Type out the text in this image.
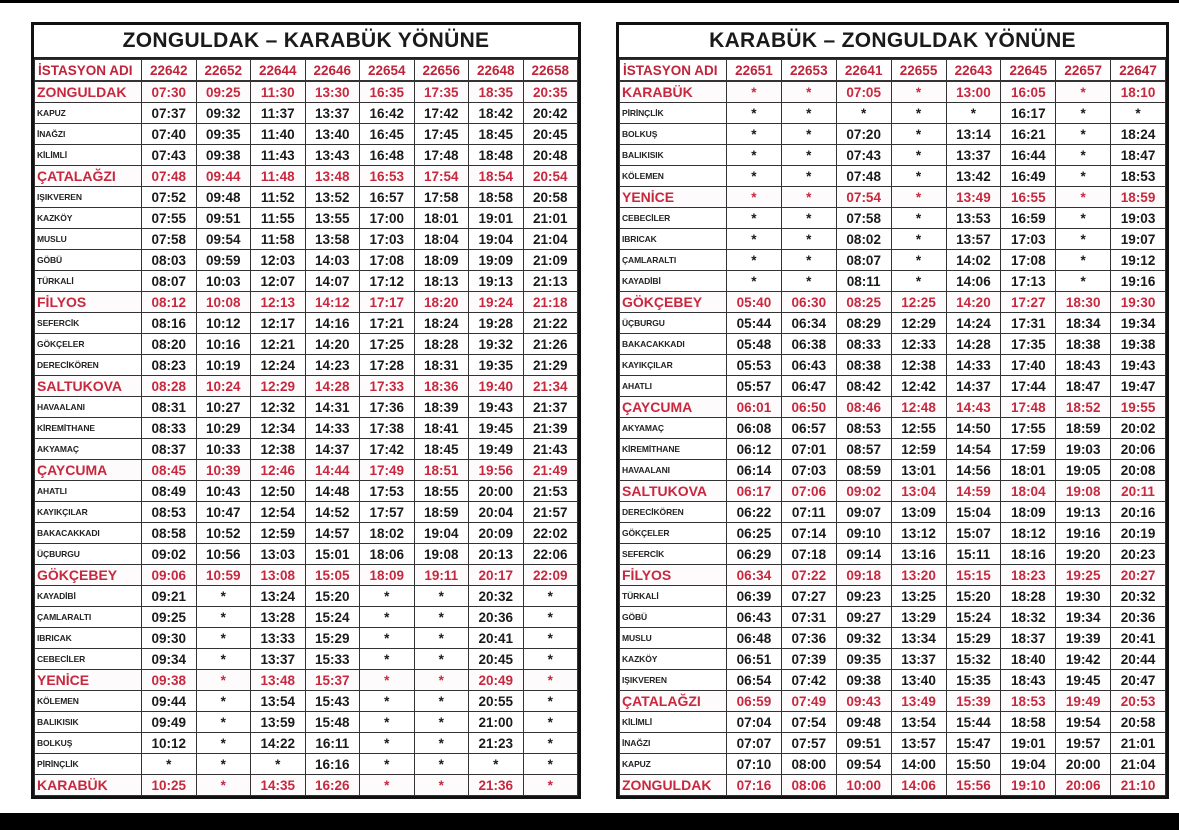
ZONGULDAK – KARABÜK YÖNÜNE
İSTASYON ADI	22642	22652	22644	22646	22654	22656	22648	22658
ZONGULDAK	07:30	09:25	11:30	13:30	16:35	17:35	18:35	20:35
KAPUZ	07:37	09:32	11:37	13:37	16:42	17:42	18:42	20:42
İNAĞZI	07:40	09:35	11:40	13:40	16:45	17:45	18:45	20:45
KİLİMLİ	07:43	09:38	11:43	13:43	16:48	17:48	18:48	20:48
ÇATALAĞZI	07:48	09:44	11:48	13:48	16:53	17:54	18:54	20:54
IŞIKVEREN	07:52	09:48	11:52	13:52	16:57	17:58	18:58	20:58
KAZKÖY	07:55	09:51	11:55	13:55	17:00	18:01	19:01	21:01
MUSLU	07:58	09:54	11:58	13:58	17:03	18:04	19:04	21:04
GÖBÜ	08:03	09:59	12:03	14:03	17:08	18:09	19:09	21:09
TÜRKALİ	08:07	10:03	12:07	14:07	17:12	18:13	19:13	21:13
FİLYOS	08:12	10:08	12:13	14:12	17:17	18:20	19:24	21:18
SEFERCİK	08:16	10:12	12:17	14:16	17:21	18:24	19:28	21:22
GÖKÇELER	08:20	10:16	12:21	14:20	17:25	18:28	19:32	21:26
DERECİKÖREN	08:23	10:19	12:24	14:23	17:28	18:31	19:35	21:29
SALTUKOVA	08:28	10:24	12:29	14:28	17:33	18:36	19:40	21:34
HAVAALANI	08:31	10:27	12:32	14:31	17:36	18:39	19:43	21:37
KİREMİTHANE	08:33	10:29	12:34	14:33	17:38	18:41	19:45	21:39
AKYAMAÇ	08:37	10:33	12:38	14:37	17:42	18:45	19:49	21:43
ÇAYCUMA	08:45	10:39	12:46	14:44	17:49	18:51	19:56	21:49
AHATLI	08:49	10:43	12:50	14:48	17:53	18:55	20:00	21:53
KAYIKÇILAR	08:53	10:47	12:54	14:52	17:57	18:59	20:04	21:57
BAKACAKKADI	08:58	10:52	12:59	14:57	18:02	19:04	20:09	22:02
ÜÇBURGU	09:02	10:56	13:03	15:01	18:06	19:08	20:13	22:06
GÖKÇEBEY	09:06	10:59	13:08	15:05	18:09	19:11	20:17	22:09
KAYADİBİ	09:21	*	13:24	15:20	*	*	20:32	*
ÇAMLARALTI	09:25	*	13:28	15:24	*	*	20:36	*
IBRICAK	09:30	*	13:33	15:29	*	*	20:41	*
CEBECİLER	09:34	*	13:37	15:33	*	*	20:45	*
YENİCE	09:38	*	13:48	15:37	*	*	20:49	*
KÖLEMEN	09:44	*	13:54	15:43	*	*	20:55	*
BALIKISIK	09:49	*	13:59	15:48	*	*	21:00	*
BOLKUŞ	10:12	*	14:22	16:11	*	*	21:23	*
PİRİNÇLİK	*	*	*	16:16	*	*	*	*
KARABÜK	10:25	*	14:35	16:26	*	*	21:36	*
KARABÜK – ZONGULDAK YÖNÜNE
İSTASYON ADI	22651	22653	22641	22655	22643	22645	22657	22647
KARABÜK	*	*	07:05	*	13:00	16:05	*	18:10
PİRİNÇLİK	*	*	*	*	*	16:17	*	*
BOLKUŞ	*	*	07:20	*	13:14	16:21	*	18:24
BALIKISIK	*	*	07:43	*	13:37	16:44	*	18:47
KÖLEMEN	*	*	07:48	*	13:42	16:49	*	18:53
YENİCE	*	*	07:54	*	13:49	16:55	*	18:59
CEBECİLER	*	*	07:58	*	13:53	16:59	*	19:03
IBRICAK	*	*	08:02	*	13:57	17:03	*	19:07
ÇAMLARALTI	*	*	08:07	*	14:02	17:08	*	19:12
KAYADİBİ	*	*	08:11	*	14:06	17:13	*	19:16
GÖKÇEBEY	05:40	06:30	08:25	12:25	14:20	17:27	18:30	19:30
ÜÇBURGU	05:44	06:34	08:29	12:29	14:24	17:31	18:34	19:34
BAKACAKKADI	05:48	06:38	08:33	12:33	14:28	17:35	18:38	19:38
KAYIKÇILAR	05:53	06:43	08:38	12:38	14:33	17:40	18:43	19:43
AHATLI	05:57	06:47	08:42	12:42	14:37	17:44	18:47	19:47
ÇAYCUMA	06:01	06:50	08:46	12:48	14:43	17:48	18:52	19:55
AKYAMAÇ	06:08	06:57	08:53	12:55	14:50	17:55	18:59	20:02
KİREMİTHANE	06:12	07:01	08:57	12:59	14:54	17:59	19:03	20:06
HAVAALANI	06:14	07:03	08:59	13:01	14:56	18:01	19:05	20:08
SALTUKOVA	06:17	07:06	09:02	13:04	14:59	18:04	19:08	20:11
DERECİKÖREN	06:22	07:11	09:07	13:09	15:04	18:09	19:13	20:16
GÖKÇELER	06:25	07:14	09:10	13:12	15:07	18:12	19:16	20:19
SEFERCİK	06:29	07:18	09:14	13:16	15:11	18:16	19:20	20:23
FİLYOS	06:34	07:22	09:18	13:20	15:15	18:23	19:25	20:27
TÜRKALİ	06:39	07:27	09:23	13:25	15:20	18:28	19:30	20:32
GÖBÜ	06:43	07:31	09:27	13:29	15:24	18:32	19:34	20:36
MUSLU	06:48	07:36	09:32	13:34	15:29	18:37	19:39	20:41
KAZKÖY	06:51	07:39	09:35	13:37	15:32	18:40	19:42	20:44
IŞIKVEREN	06:54	07:42	09:38	13:40	15:35	18:43	19:45	20:47
ÇATALAĞZI	06:59	07:49	09:43	13:49	15:39	18:53	19:49	20:53
KİLİMLİ	07:04	07:54	09:48	13:54	15:44	18:58	19:54	20:58
İNAĞZI	07:07	07:57	09:51	13:57	15:47	19:01	19:57	21:01
KAPUZ	07:10	08:00	09:54	14:00	15:50	19:04	20:00	21:04
ZONGULDAK	07:16	08:06	10:00	14:06	15:56	19:10	20:06	21:10
